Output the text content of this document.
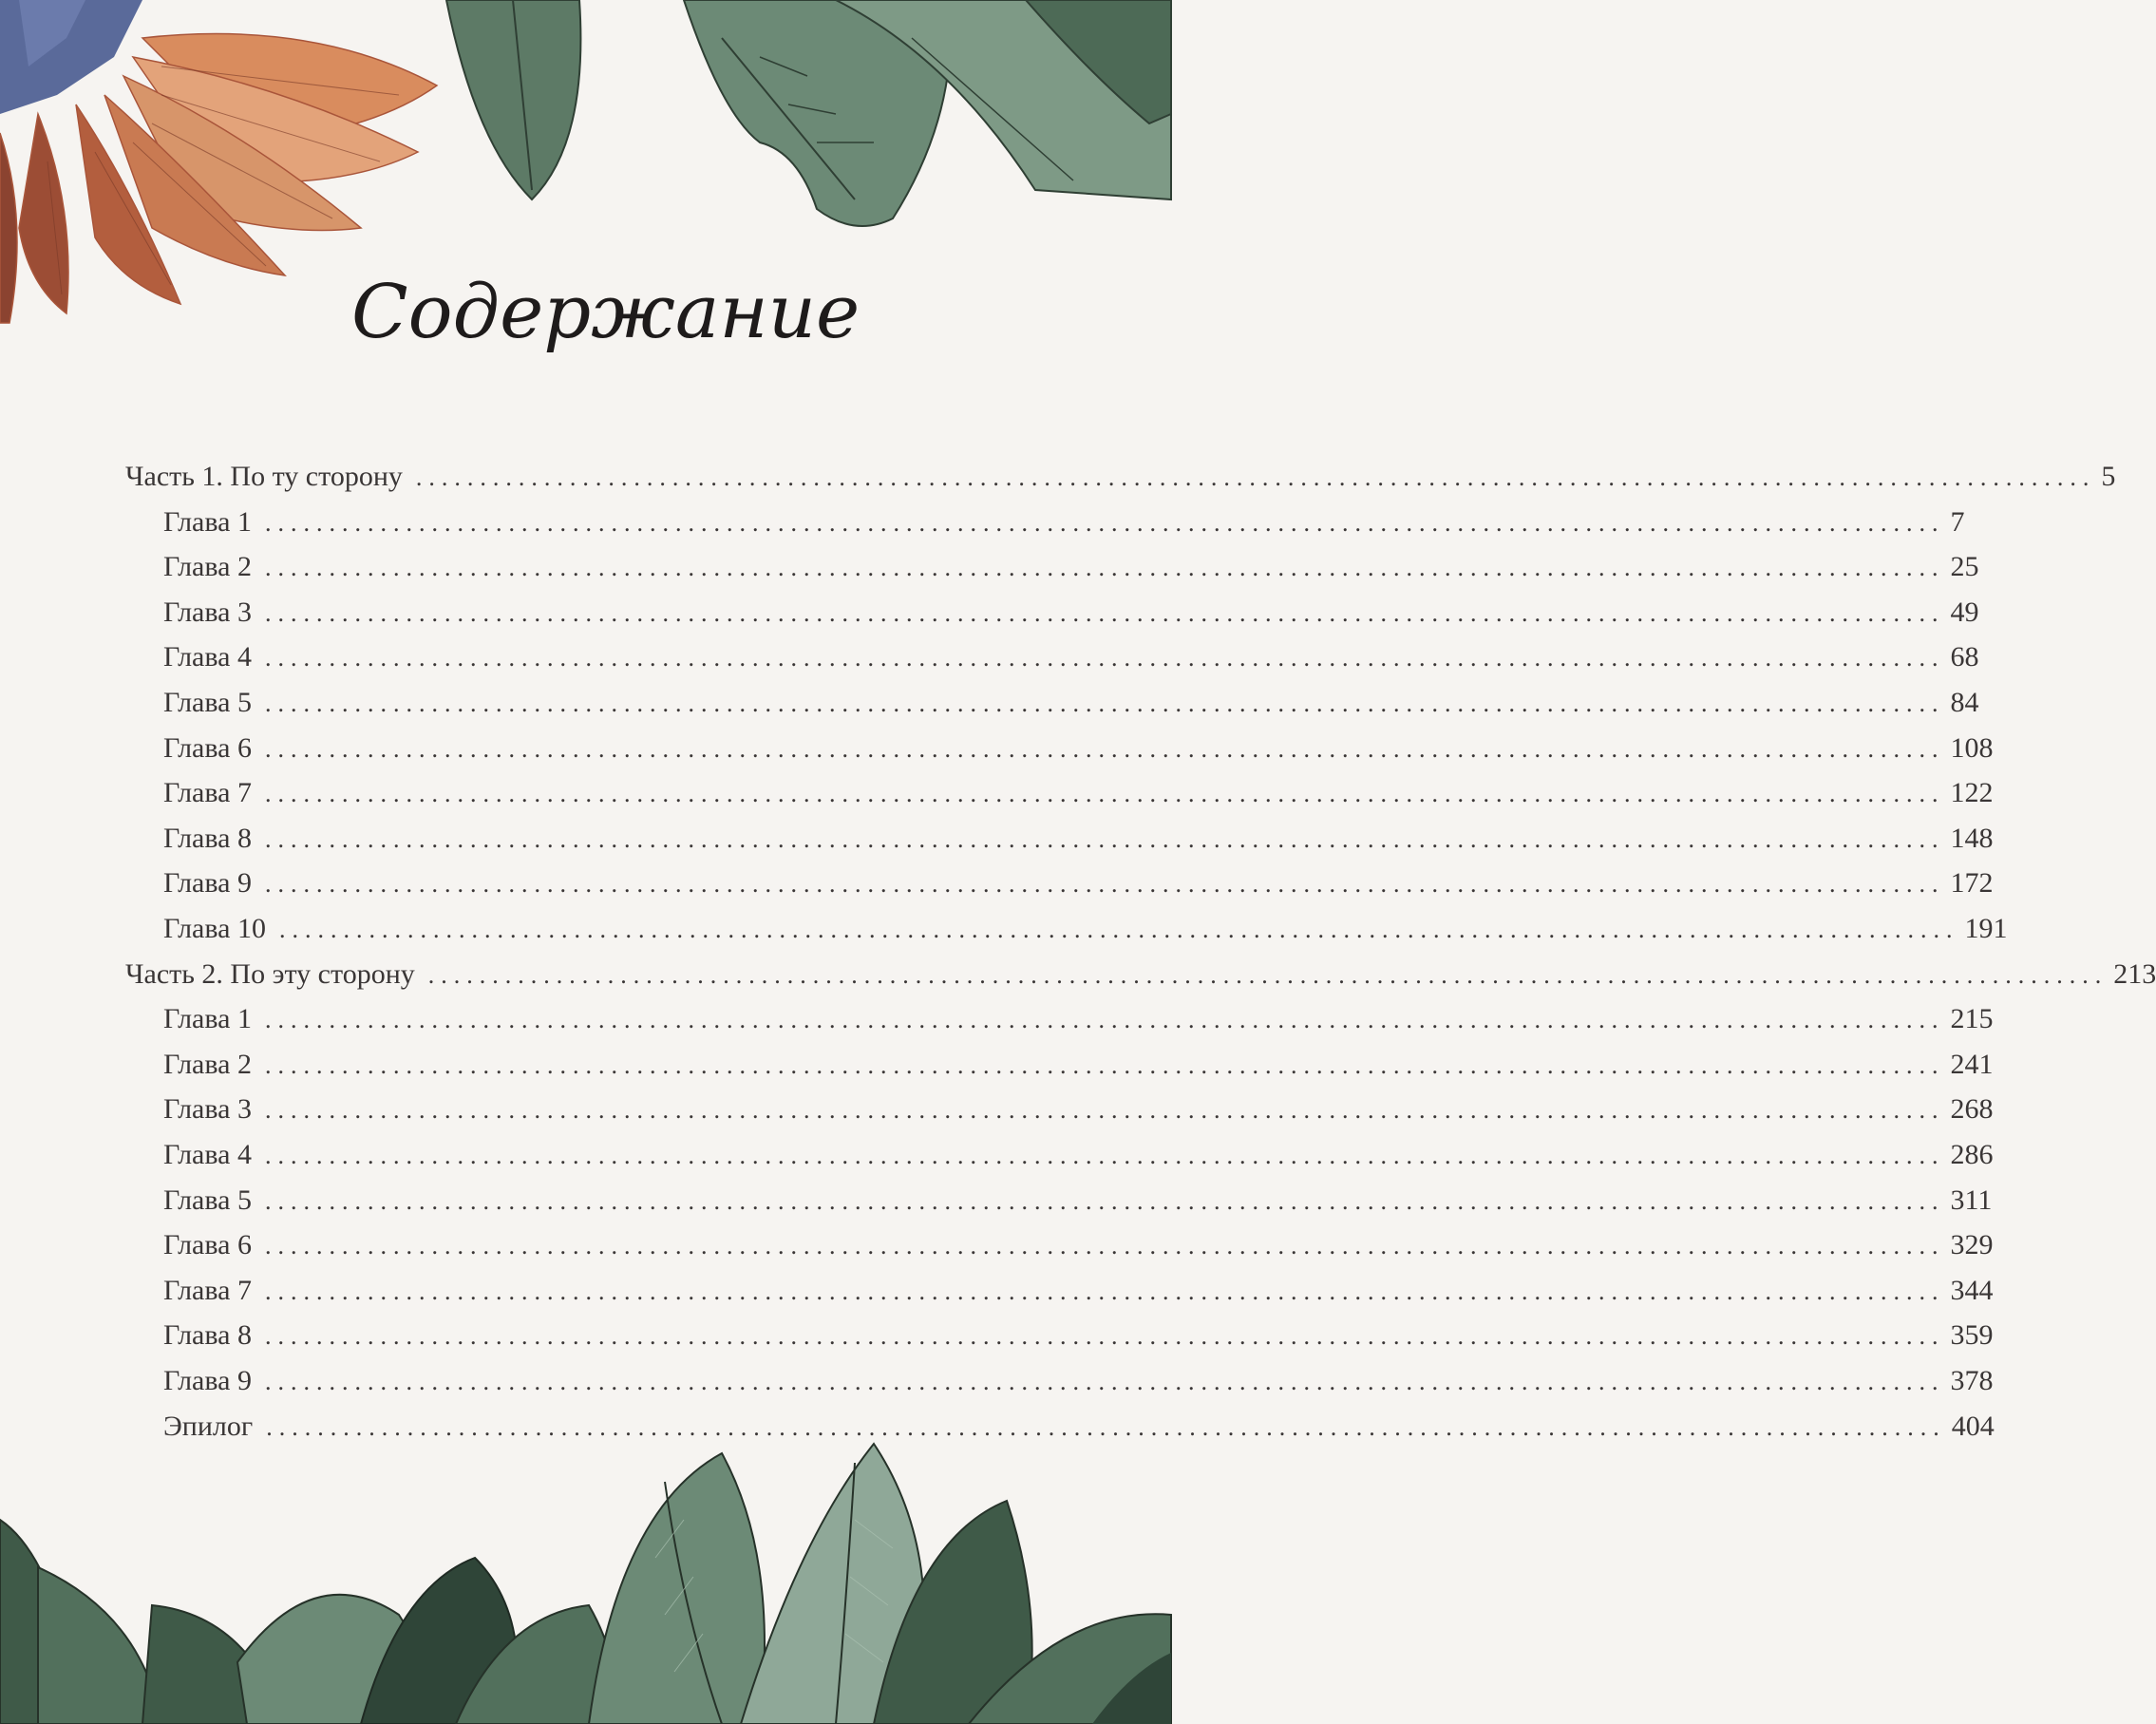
Содержание
Часть 1. По ту сторону ................................................................................................................................... 5
Глава 1 ................................................................................................................................... 7
Глава 2 ................................................................................................................................... 25
Глава 3 ................................................................................................................................... 49
Глава 4 ................................................................................................................................... 68
Глава 5 ................................................................................................................................... 84
Глава 6 ................................................................................................................................... 108
Глава 7 ................................................................................................................................... 122
Глава 8 ................................................................................................................................... 148
Глава 9 ................................................................................................................................... 172
Глава 10 ................................................................................................................................... 191
Часть 2. По эту сторону ................................................................................................................................... 213
Глава 1 ................................................................................................................................... 215
Глава 2 ................................................................................................................................... 241
Глава 3 ................................................................................................................................... 268
Глава 4 ................................................................................................................................... 286
Глава 5 ................................................................................................................................... 311
Глава 6 ................................................................................................................................... 329
Глава 7 ................................................................................................................................... 344
Глава 8 ................................................................................................................................... 359
Глава 9 ................................................................................................................................... 378
Эпилог ................................................................................................................................... 404
